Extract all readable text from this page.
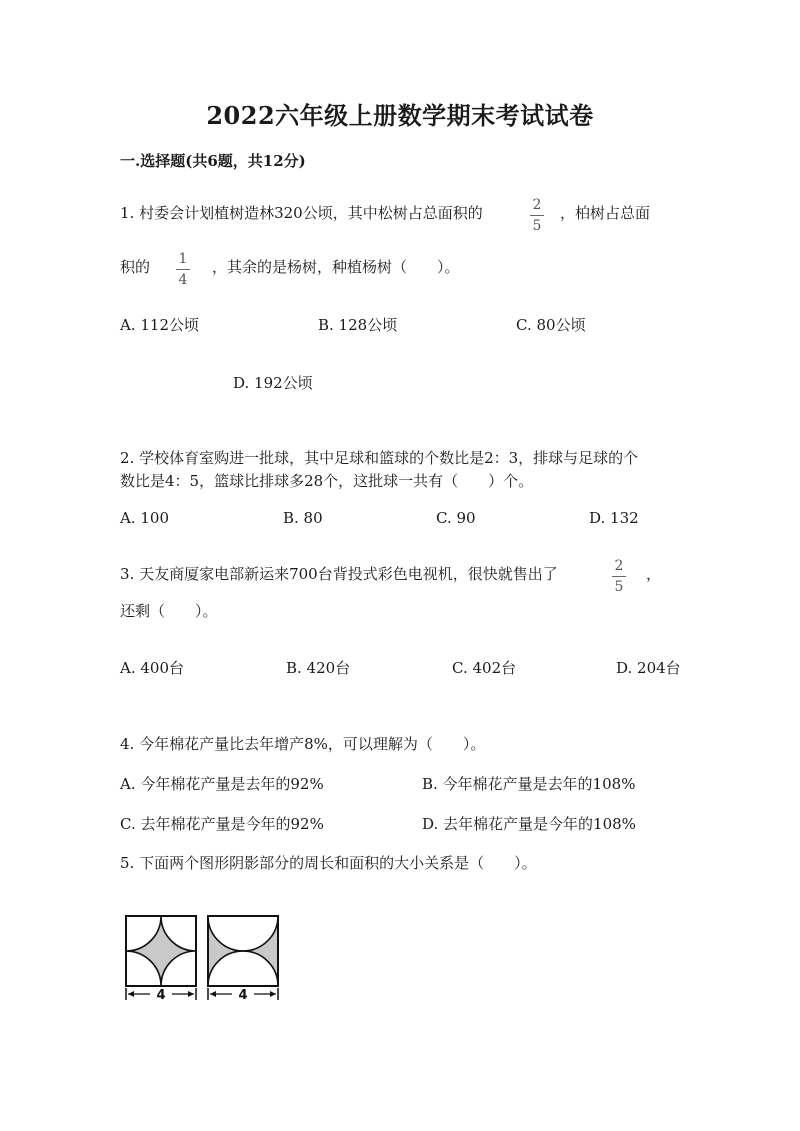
2022六年级上册数学期末考试试卷
一.选择题(共6题，共12分)
1. 村委会计划植树造林320公顷，其中松树占总面积的	2
5
，柏树占总面
积的	1
4
，其余的是杨树，种植杨树（　　）。
A. 112公顷	B. 128公顷	C. 80公顷
D. 192公顷
2. 学校体育室购进一批球，其中足球和篮球的个数比是2：3，排球与足球的个
数比是4：5，篮球比排球多28个，这批球一共有（　　）个。
A. 100	B. 80	C. 90	D. 132
3. 天友商厦家电部新运来700台背投式彩色电视机，很快就售出了	2
5
，
还剩（　　）。
A. 400台	B. 420台	C. 402台	D. 204台
4. 今年棉花产量比去年增产8%，可以理解为（　　）。
A. 今年棉花产量是去年的92%	B. 今年棉花产量是去年的108%
C. 去年棉花产量是今年的92%	D. 去年棉花产量是今年的108%
5. 下面两个图形阴影部分的周长和面积的大小关系是（　　）。
4	4
